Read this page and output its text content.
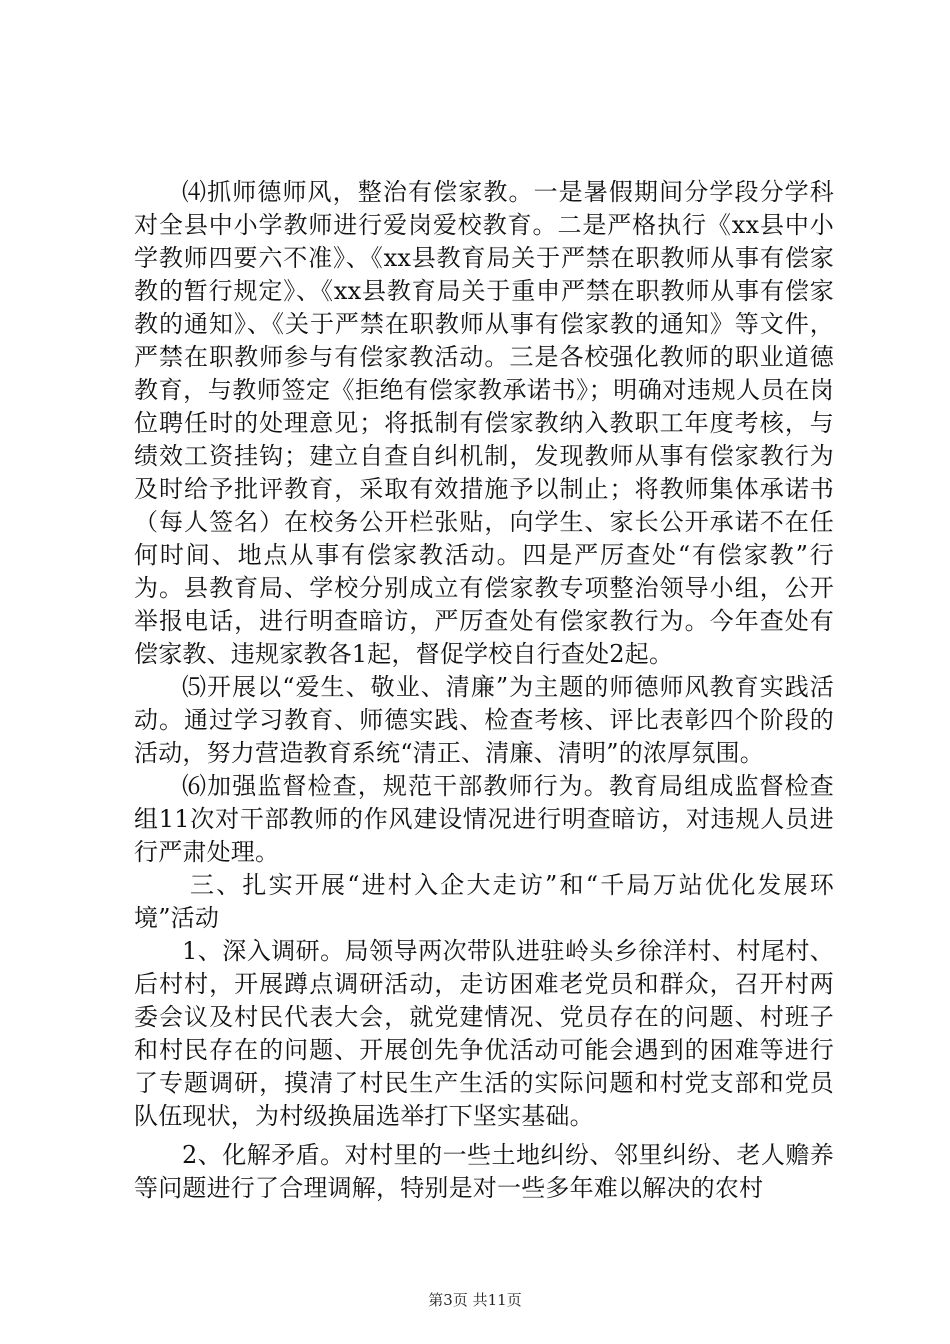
⑷抓师德师风，整治有偿家教。一是暑假期间分学段分学科对全县中小学教师进行爱岗爱校教育。二是严格执行《xx县中小学教师四要六不准》、《xx县教育局关于严禁在职教师从事有偿家教的暂行规定》、《xx县教育局关于重申严禁在职教师从事有偿家教的通知》、《关于严禁在职教师从事有偿家教的通知》等文件，严禁在职教师参与有偿家教活动。三是各校强化教师的职业道德教育，与教师签定《拒绝有偿家教承诺书》；明确对违规人员在岗位聘任时的处理意见；将抵制有偿家教纳入教职工年度考核，与绩效工资挂钩；建立自查自纠机制，发现教师从事有偿家教行为及时给予批评教育，采取有效措施予以制止；将教师集体承诺书（每人签名）在校务公开栏张贴，向学生、家长公开承诺不在任何时间、地点从事有偿家教活动。四是严厉查处“有偿家教”行为。县教育局、学校分别成立有偿家教专项整治领导小组，公开举报电话，进行明查暗访，严厉查处有偿家教行为。今年查处有偿家教、违规家教各1起，督促学校自行查处2起。

⑸开展以“爱生、敬业、清廉”为主题的师德师风教育实践活动。通过学习教育、师德实践、检查考核、评比表彰四个阶段的活动，努力营造教育系统“清正、清廉、清明”的浓厚氛围。

⑹加强监督检查，规范干部教师行为。教育局组成监督检查组11次对干部教师的作风建设情况进行明查暗访，对违规人员进行严肃处理。

三、扎实开展“进村入企大走访”和“千局万站优化发展环境”活动

1、深入调研。局领导两次带队进驻岭头乡徐洋村、村尾村、后村村，开展蹲点调研活动，走访困难老党员和群众，召开村两委会议及村民代表大会，就党建情况、党员存在的问题、村班子和村民存在的问题、开展创先争优活动可能会遇到的困难等进行了专题调研，摸清了村民生产生活的实际问题和村党支部和党员队伍现状，为村级换届选举打下坚实基础。

2、化解矛盾。对村里的一些土地纠纷、邻里纠纷、老人赡养等问题进行了合理调解，特别是对一些多年难以解决的农村

第3页 共11页
